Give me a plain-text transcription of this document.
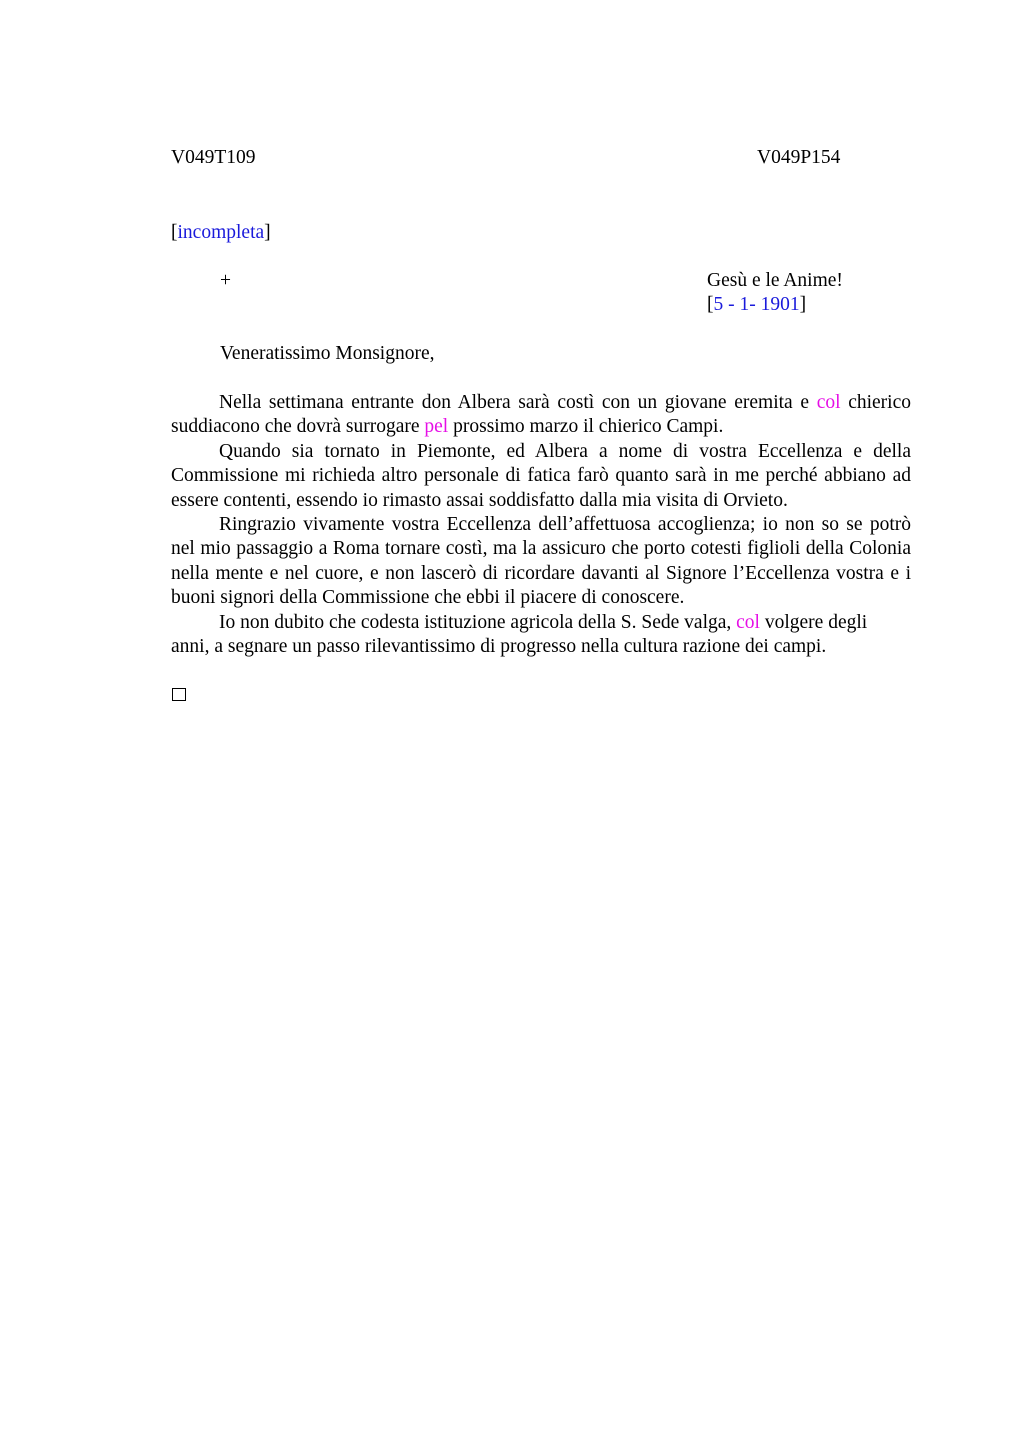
V049T109	V049P154
[incompleta]
+	Gesù e le Anime!
[5 - 1- 1901]
Veneratissimo Monsignore,

Nella settimana entrante don Albera sarà costì con un giovane eremita e col chierico suddiacono che dovrà surrogare pel prossimo marzo il chierico Campi.

Quando sia tornato in Piemonte, ed Albera a nome di vostra Eccellenza e della Commissione mi richieda altro personale di fatica farò quanto sarà in me perché abbiano ad essere contenti, essendo io rimasto assai soddisfatto dalla mia visita di Orvieto.

Ringrazio vivamente vostra Eccellenza dell’affettuosa accoglienza; io non so se potrò nel mio passaggio a Roma tornare costì, ma la assicuro che porto cotesti figlioli della Colonia nella mente e nel cuore, e non lascerò di ricordare davanti al Signore l’Eccellenza vostra e i buoni signori della Commissione che ebbi il piacere di conoscere.

Io non dubito che codesta istituzione agricola della S. Sede valga, col volgere degli
anni, a segnare un passo rilevantissimo di progresso nella cultura razione dei campi.
